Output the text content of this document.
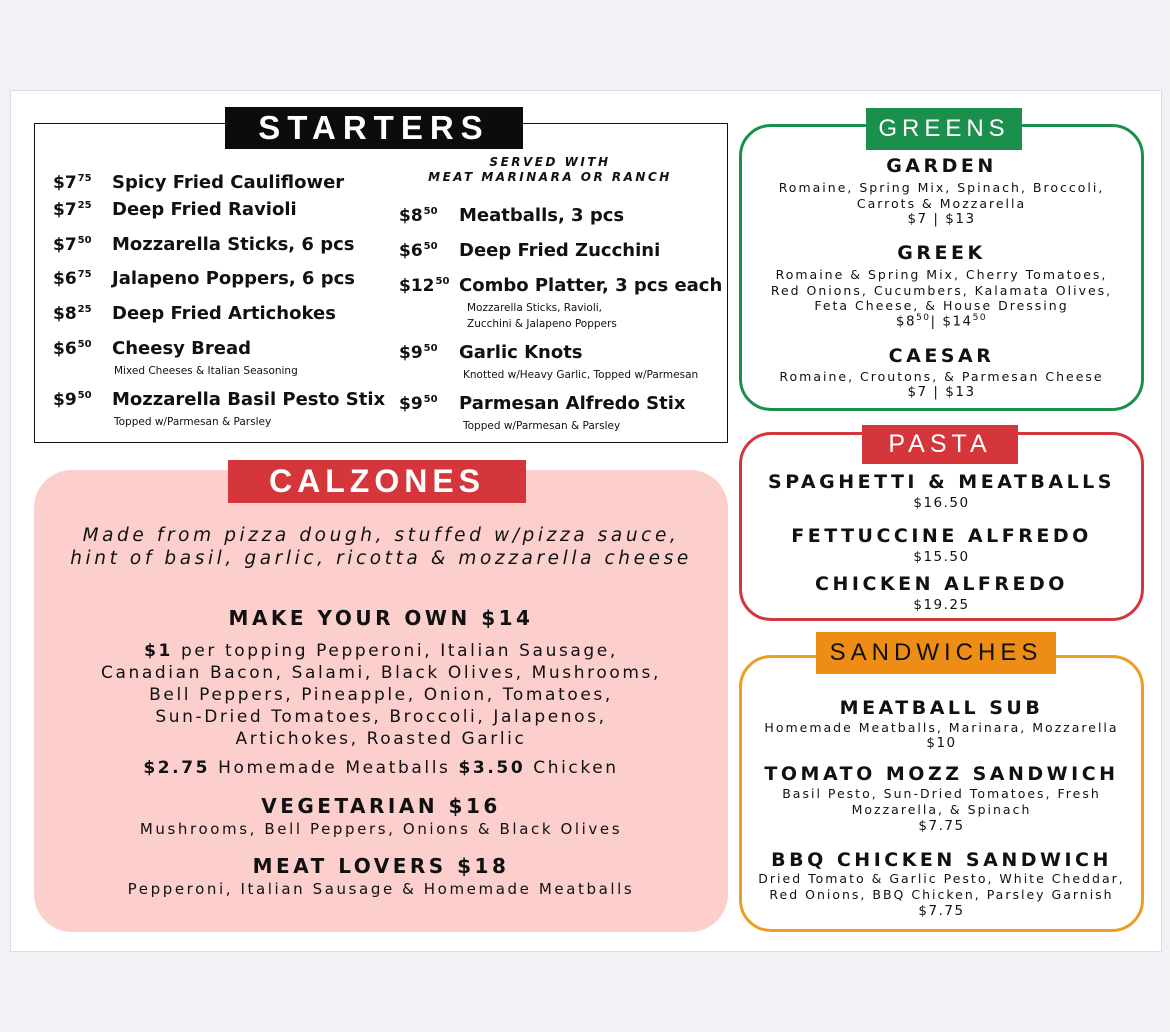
STARTERS
SERVED WITH
MEAT MARINARA OR RANCH
$\$7^{75}$ Spicy Fried Cauliflower
$\$7^{25}$ Deep Fried Ravioli
$\$7^{50}$ Mozzarella Sticks, 6 pcs
$\$6^{75}$ Jalapeno Poppers, 6 pcs
$\$8^{25}$ Deep Fried Artichokes
$\$6^{50}$ Cheesy Bread
Mixed Cheeses & Italian Seasoning
$\$9^{50}$ Mozzarella Basil Pesto Stix
Topped w/Parmesan & Parsley
$\$8^{50}$ Meatballs, 3 pcs
$\$6^{50}$ Deep Fried Zucchini
$\$12^{50}$ Combo Platter, 3 pcs each
Mozzarella Sticks, Ravioli,
Zucchini & Jalapeno Poppers
$\$9^{50}$ Garlic Knots
Knotted w/Heavy Garlic, Topped w/Parmesan
$\$9^{50}$ Parmesan Alfredo Stix
Topped w/Parmesan & Parsley
CALZONES
Made from pizza dough, stuffed w/pizza sauce,
hint of basil, garlic, ricotta & mozzarella cheese
MAKE YOUR OWN $14
$1 per topping Pepperoni, Italian Sausage,
Canadian Bacon, Salami, Black Olives, Mushrooms,
Bell Peppers, Pineapple, Onion, Tomatoes,
Sun-Dried Tomatoes, Broccoli, Jalapenos,
Artichokes, Roasted Garlic
$2.75 Homemade Meatballs $3.50 Chicken
VEGETARIAN $16
Mushrooms, Bell Peppers, Onions & Black Olives
MEAT LOVERS $18
Pepperoni, Italian Sausage & Homemade Meatballs
GREENS
GARDEN
Romaine, Spring Mix, Spinach, Broccoli,
Carrots & Mozzarella
$7 | $13
GREEK
Romaine & Spring Mix, Cherry Tomatoes,
Red Onions, Cucumbers, Kalamata Olives,
Feta Cheese, & House Dressing
$\$8^{50}|$ $\$14^{50}$
CAESAR
Romaine, Croutons, & Parmesan Cheese
$7 | $13
PASTA
SPAGHETTI & MEATBALLS
$16.50
FETTUCCINE ALFREDO
$15.50
CHICKEN ALFREDO
$19.25
SANDWICHES
MEATBALL SUB
Homemade Meatballs, Marinara, Mozzarella
$10
TOMATO MOZZ SANDWICH
Basil Pesto, Sun-Dried Tomatoes, Fresh
Mozzarella, & Spinach
$7.75
BBQ CHICKEN SANDWICH
Dried Tomato & Garlic Pesto, White Cheddar,
Red Onions, BBQ Chicken, Parsley Garnish
$7.75
